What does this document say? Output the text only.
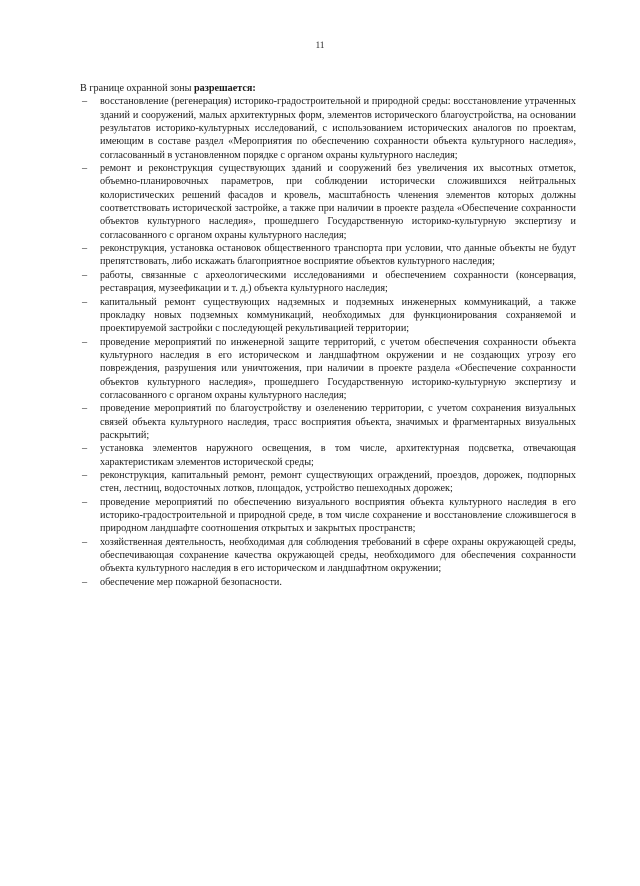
11

В границе охранной зоны разрешается:

– восстановление (регенерация) историко-градостроительной и природной среды: восстановление утраченных зданий и сооружений, малых архитектурных форм, элементов исторического благоустройства, на основании результатов историко-культурных исследований, с использованием исторических аналогов по проектам, имеющим в составе раздел «Мероприятия по обеспечению сохранности объекта культурного наследия», согласованный в установленном порядке с органом охраны культурного наследия;
– ремонт и реконструкция существующих зданий и сооружений без увеличения их высотных отметок, объемно-планировочных параметров, при соблюдении исторически сложившихся нейтральных колористических решений фасадов и кровель, масштабность членения элементов которых должны соответствовать исторической застройке, а также при наличии в проекте раздела «Обеспечение сохранности объектов культурного наследия», прошедшего Государственную историко-культурную экспертизу и согласованного с органом охраны культурного наследия;
– реконструкция, установка остановок общественного транспорта при условии, что данные объекты не будут препятствовать, либо искажать благоприятное восприятие объектов культурного наследия;
– работы, связанные с археологическими исследованиями и обеспечением сохранности (консервация, реставрация, музеефикации и т. д.) объекта культурного наследия;
– капитальный ремонт существующих надземных и подземных инженерных коммуникаций, а также прокладку новых подземных коммуникаций, необходимых для функционирования сохраняемой и проектируемой застройки с последующей рекультивацией территории;
– проведение мероприятий по инженерной защите территорий, с учетом обеспечения сохранности объекта культурного наследия в его историческом и ландшафтном окружении и не создающих угрозу его повреждения, разрушения или уничтожения, при наличии в проекте раздела «Обеспечение сохранности объектов культурного наследия», прошедшего Государственную историко-культурную экспертизу и согласованного с органом охраны культурного наследия;
– проведение мероприятий по благоустройству и озеленению территории, с учетом сохранения визуальных связей объекта культурного наследия, трасс восприятия объекта, значимых и фрагментарных визуальных раскрытий;
– установка элементов наружного освещения, в том числе, архитектурная подсветка, отвечающая характеристикам элементов исторической среды;
– реконструкция, капитальный ремонт, ремонт существующих ограждений, проездов, дорожек, подпорных стен, лестниц, водосточных лотков, площадок, устройство пешеходных дорожек;
– проведение мероприятий по обеспечению визуального восприятия объекта культурного наследия в его историко-градостроительной и природной среде, в том числе сохранение и восстановление сложившегося в природном ландшафте соотношения открытых и закрытых пространств;
– хозяйственная деятельность, необходимая для соблюдения требований в сфере охраны окружающей среды, обеспечивающая сохранение качества окружающей среды, необходимого для обеспечения сохранности объекта культурного наследия в его историческом и ландшафтном окружении;
– обеспечение мер пожарной безопасности.
